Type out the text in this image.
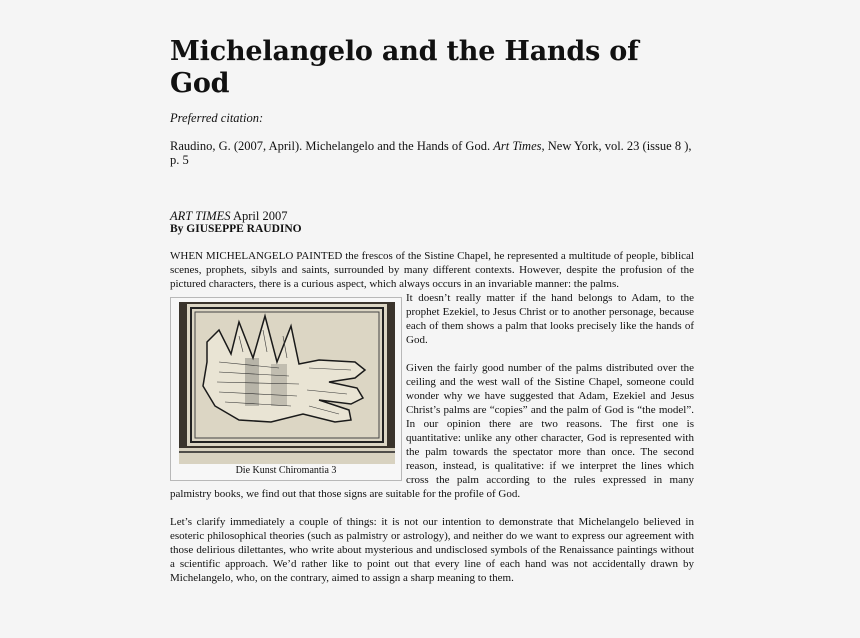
Michelangelo and the Hands of God
Preferred citation:
Raudino, G. (2007, April). Michelangelo and the Hands of God. Art Times, New York, vol. 23 (issue 8 ), p. 5
ART TIMES April 2007
By GIUSEPPE RAUDINO

WHEN MICHELANGELO PAINTED the frescos of the Sistine Chapel, he represented a multitude of people, biblical scenes, prophets, sibyls and saints, surrounded by many different contexts. However, despite the profusion of the pictured characters, there is a curious aspect, which always occurs in an invariable manner: the palms.

Die Kunst Chiromantia 3

It doesn’t really matter if the hand belongs to Adam, to the prophet Ezekiel, to Jesus Christ or to another personage, because each of them shows a palm that looks precisely like the hands of God.

Given the fairly good number of the palms distributed over the ceiling and the west wall of the Sistine Chapel, someone could wonder why we have suggested that Adam, Ezekiel and Jesus Christ’s palms are “copies” and the palm of God is “the model”. In our opinion there are two reasons. The first one is quantitative: unlike any other character, God is represented with the palm towards the spectator more than once. The second reason, instead, is qualitative: if we interpret the lines which cross the palm according to the rules expressed in many palmistry books, we find out that those signs are suitable for the profile of God.

Let’s clarify immediately a couple of things: it is not our intention to demonstrate that Michelangelo believed in esoteric philosophical theories (such as palmistry or astrology), and neither do we want to express our agreement with those delirious dilettantes, who write about mysterious and undisclosed symbols of the Renaissance paintings without a scientific approach. We’d rather like to point out that every line of each hand was not accidentally drawn by Michelangelo, who, on the contrary, aimed to assign a sharp meaning to them.
